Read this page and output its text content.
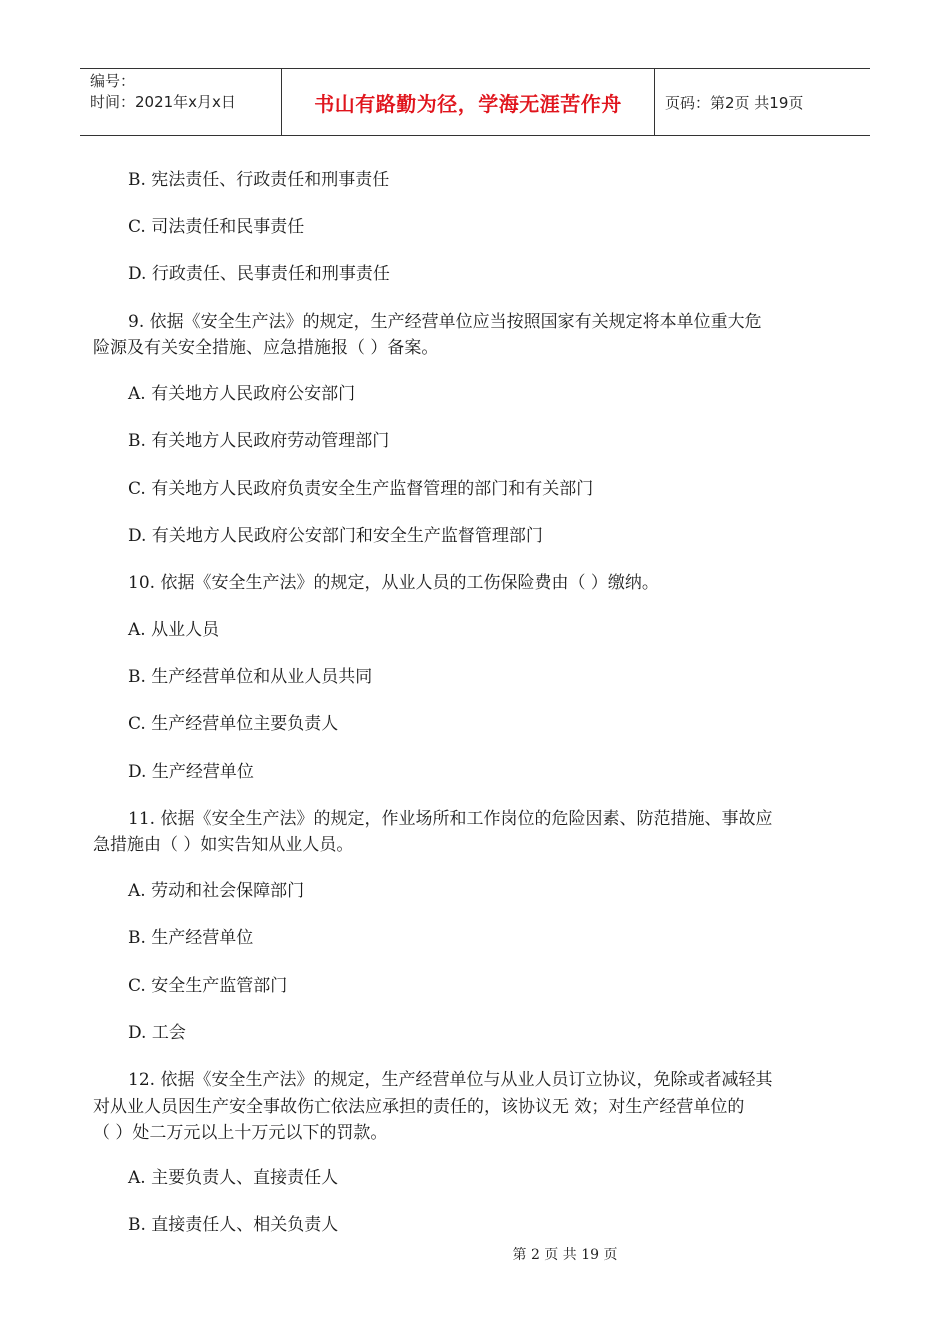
编号：
时间：2021年x月x日	书山有路勤为径，学海无涯苦作舟	页码：第2页 共19页
B. 宪法责任、行政责任和刑事责任
C. 司法责任和民事责任
D. 行政责任、民事责任和刑事责任
9. 依据《安全生产法》的规定，生产经营单位应当按照国家有关规定将本单位重大危
险源及有关安全措施、应急措施报（ ）备案。
A. 有关地方人民政府公安部门
B. 有关地方人民政府劳动管理部门
C. 有关地方人民政府负责安全生产监督管理的部门和有关部门
D. 有关地方人民政府公安部门和安全生产监督管理部门
10. 依据《安全生产法》的规定，从业人员的工伤保险费由（ ）缴纳。
A. 从业人员
B. 生产经营单位和从业人员共同
C. 生产经营单位主要负责人
D. 生产经营单位
11. 依据《安全生产法》的规定，作业场所和工作岗位的危险因素、防范措施、事故应
急措施由（ ）如实告知从业人员。
A. 劳动和社会保障部门
B. 生产经营单位
C. 安全生产监管部门
D. 工会
12. 依据《安全生产法》的规定，生产经营单位与从业人员订立协议，免除或者减轻其
对从业人员因生产安全事故伤亡依法应承担的责任的，该协议无 效；对生产经营单位的
（ ）处二万元以上十万元以下的罚款。
A. 主要负责人、直接责任人
B. 直接责任人、相关负责人
第 2 页 共 19 页
